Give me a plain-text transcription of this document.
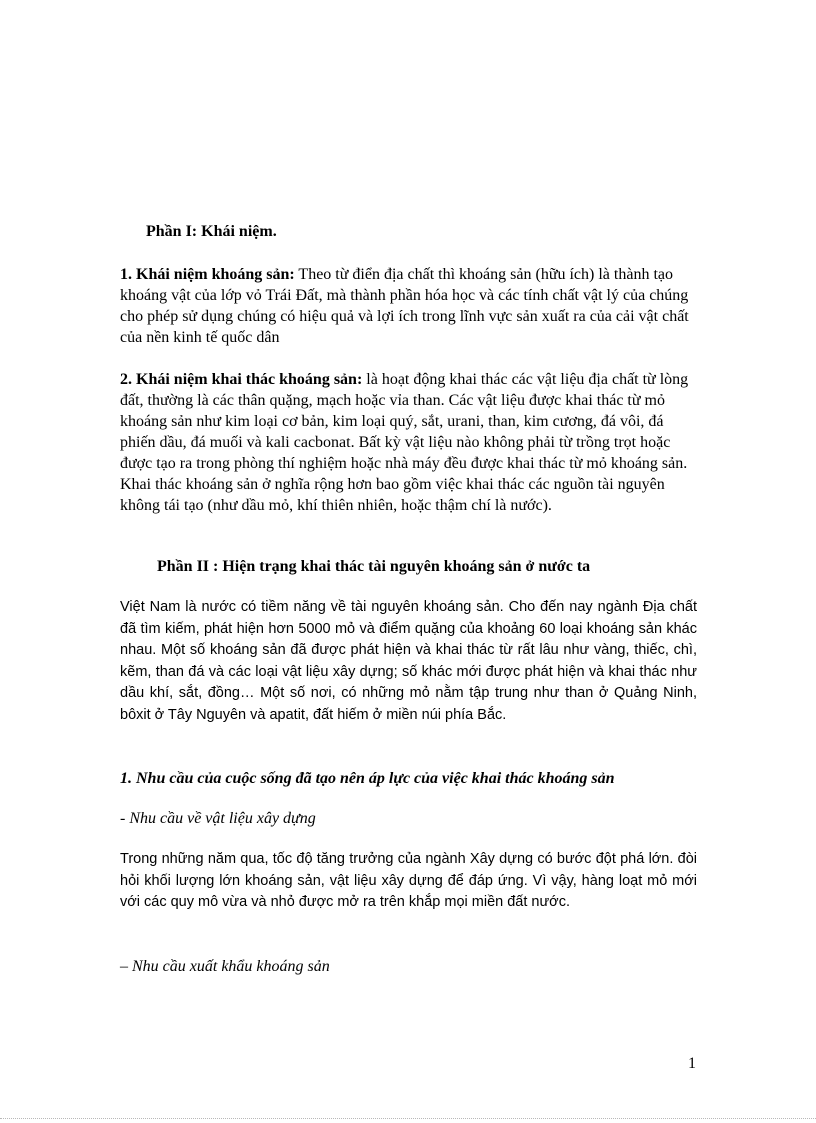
Phần I: Khái niệm.
1. Khái niệm khoáng sản: Theo từ điển địa chất thì khoáng sản (hữu ích) là thành tạo khoáng vật của lớp vỏ Trái Đất, mà thành phần hóa học và các tính chất vật lý của chúng cho phép sử dụng chúng có hiệu quả và lợi ích trong lĩnh vực sản xuất ra của cải vật chất của nền kinh tế quốc dân
2. Khái niệm khai thác khoáng sản: là hoạt động khai thác các vật liệu địa chất từ lòng đất, thường là các thân quặng, mạch hoặc vỉa than. Các vật liệu được khai thác từ mỏ khoáng sản như kim loại cơ bản, kim loại quý, sắt, urani, than, kim cương, đá vôi, đá phiến dầu, đá muối và kali cacbonat. Bất kỳ vật liệu nào không phải từ trồng trọt hoặc được tạo ra trong phòng thí nghiệm hoặc nhà máy đều được khai thác từ mỏ khoáng sản. Khai thác khoáng sản ở nghĩa rộng hơn bao gồm việc khai thác các nguồn tài nguyên không tái tạo (như dầu mỏ, khí thiên nhiên, hoặc thậm chí là nước).
Phần II : Hiện trạng khai thác tài nguyên khoáng sản ở nước ta
Việt Nam là nước có tiềm năng về tài nguyên khoáng sản. Cho đến nay ngành Địa chất đã tìm kiếm, phát hiện hơn 5000 mỏ và điểm quặng của khoảng 60 loại khoáng sản khác nhau. Một số khoáng sản đã được phát hiện và khai thác từ rất lâu như vàng, thiếc, chì, kẽm, than đá và các loại vật liệu xây dựng; số khác mới được phát hiện và khai thác như dầu khí, sắt, đồng… Một số nơi, có những mỏ nằm tập trung như than ở Quảng Ninh, bôxit ở Tây Nguyên và apatit, đất hiếm ở miền núi phía Bắc.
1. Nhu cầu của cuộc sống đã tạo nên áp lực của việc khai thác khoáng sản
- Nhu cầu về vật liệu xây dựng
Trong những năm qua, tốc độ tăng trưởng của ngành Xây dựng có bước đột phá lớn. đòi hỏi khối lượng lớn khoáng sản, vật liệu xây dựng để đáp ứng. Vì vậy, hàng loạt mỏ mới với các quy mô vừa và nhỏ được mở ra trên khắp mọi miền đất nước.
– Nhu cầu xuất khẩu khoáng sản
1
